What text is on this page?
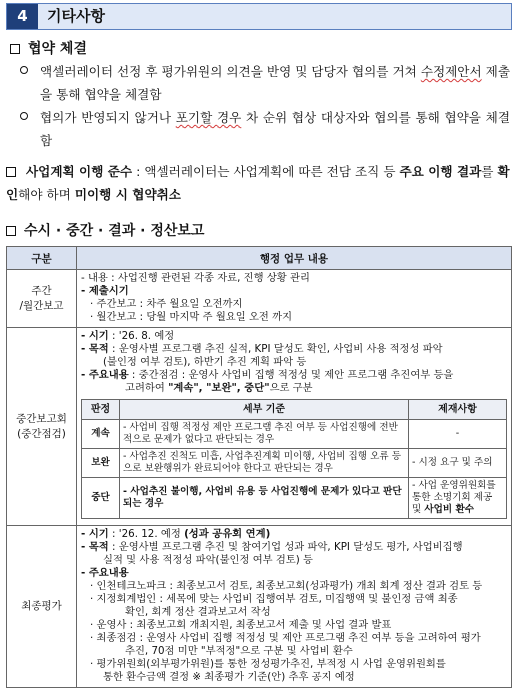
4	기타사항
협약 체결
액셀러레이터 선정 후 평가위원의 의견을 반영 및 담당자 협의를 거쳐 수정제안서 제출을 통해 협약을 체결함
협의가 반영되지 않거나 포기할 경우 차 순위 협상 대상자와 협의를 통해 협약을 체결함
사업계획 이행 준수 : 액셀러레이터는 사업계획에 따른 전담 조직 등 주요 이행 결과를 확인해야 하며 미이행 시 협약취소
수시 · 중간 · 결과 · 정산보고
구분	행정 업무 내용
주간
/월간보고	
- 내용 : 사업진행 관련된 각종 자료, 진행 상황 관리
- 제출시기
· 주간보고 : 차주 월요일 오전까지
· 월간보고 : 당월 마지막 주 월요일 오전 까지

중간보고회
(중간점검)	
- 시기 : '26. 8. 예정
- 목적 : 운영사별 프로그램 추진 실적, KPI 달성도 확인, 사업비 사용 적정성 파악
(불인정 여부 검토), 하반기 추진 계획 파악 등
- 주요내용 : 중간점검 : 운영사 사업비 집행 적정성 및 제안 프로그램 추진여부 등을
고려하여 "계속", "보완", 중단"으로 구분
판정	세부 기준	제재사항
계속	- 사업비 집행 적정성 제안 프로그램 추진 여부 등 사업진행에 전반적으로 문제가 없다고 판단되는 경우	-
보완	- 사업추진 진척도 미흡, 사업추진계획 미이행, 사업비 집행 오류 등으로 보완행위가 완료되어야 한다고 판단되는 경우	- 시정 요구 및 주의
중단	- 사업추진 불이행, 사업비 유용 등 사업진행에 문제가 있다고 판단되는 경우	- 사업 운영위원회를 통한 소명기회 제공 및 사업비 환수

최종평가	
- 시기 : '26. 12. 예정 (성과 공유회 연계)
- 목적 : 운영사별 프로그램 추진 및 참여기업 성과 파악, KPI 달성도 평가, 사업비집행
실적 및 사용 적정성 파악(불인정 여부 검토) 등
- 주요내용
· 인천테크노파크 : 최종보고서 검토, 최종보고회(성과평가) 개최 회계 정산 결과 검토 등
· 지정회계법인 : 세목에 맞는 사업비 집행여부 검토, 미집행액 및 불인정 금액 최종
확인, 회계 정산 결과보고서 작성
· 운영사 : 최종보고회 개최지원, 최종보고서 제출 및 사업 결과 발표
· 최종점검 : 운영사 사업비 집행 적정성 및 제안 프로그램 추진 여부 등을 고려하여 평가
추진, 70점 미만 "부적정"으로 구분 및 사업비 환수
· 평가위원회(외부평가위원)를 통한 정성평가추진, 부적정 시 사업 운영위원회를
통한 환수금액 결정 ※ 최종평가 기준(안) 추후 공지 예정
